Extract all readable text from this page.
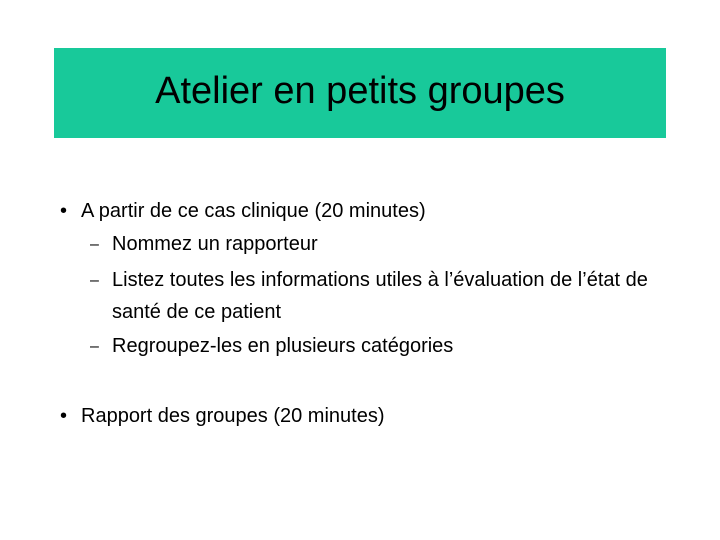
Atelier en petits groupes
• A partir de ce cas clinique (20 minutes)
– Nommez un rapporteur
– Listez toutes les informations utiles à l’évaluation de l’état de santé de ce patient
– Regroupez-les en plusieurs catégories
• Rapport des groupes (20 minutes)
